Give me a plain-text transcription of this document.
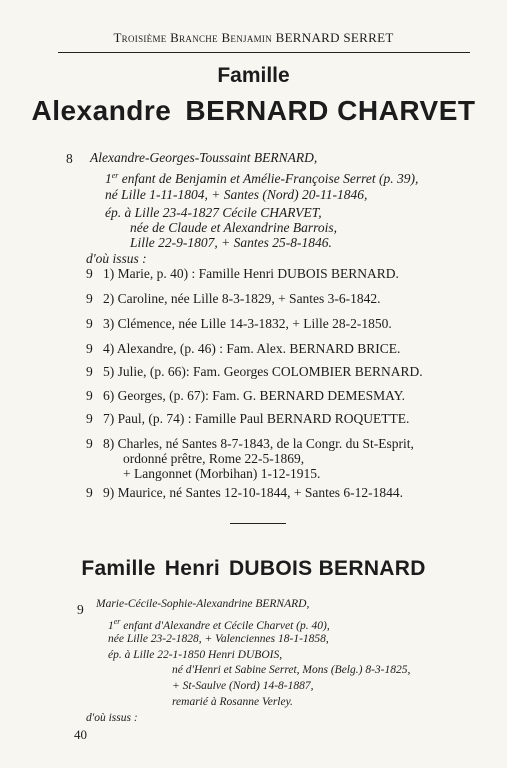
Troisième Branche Benjamin BERNARD SERRET
Famille
Alexandre BERNARD CHARVET
8 Alexandre-Georges-Toussaint BERNARD,
1er enfant de Benjamin et Amélie-Françoise Serret (p. 39),
né Lille 1-11-1804, + Santes (Nord) 20-11-1846,
ép. à Lille 23-4-1827 Cécile CHARVET,
née de Claude et Alexandrine Barrois,
Lille 22-9-1807, + Santes 25-8-1846.
d'où issus :
9 1) Marie, p. 40) : Famille Henri DUBOIS BERNARD.
9 2) Caroline, née Lille 8-3-1829, + Santes 3-6-1842.
9 3) Clémence, née Lille 14-3-1832, + Lille 28-2-1850.
9 4) Alexandre, (p. 46) : Fam. Alex. BERNARD BRICE.
9 5) Julie, (p. 66): Fam. Georges COLOMBIER BERNARD.
9 6) Georges, (p. 67): Fam. G. BERNARD DEMESMAY.
9 7) Paul, (p. 74) : Famille Paul BERNARD ROQUETTE.
9 8) Charles, né Santes 8-7-1843, de la Congr. du St-Esprit,
ordonné prêtre, Rome 22-5-1869,
+ Langonnet (Morbihan) 1-12-1915.
9 9) Maurice, né Santes 12-10-1844, + Santes 6-12-1844.
Famille Henri DUBOIS BERNARD
9 Marie-Cécile-Sophie-Alexandrine BERNARD,
1er enfant d'Alexandre et Cécile Charvet (p. 40),
née Lille 23-2-1828, + Valenciennes 18-1-1858,
ép. à Lille 22-1-1850 Henri DUBOIS,
né d'Henri et Sabine Serret, Mons (Belg.) 8-3-1825,
+ St-Saulve (Nord) 14-8-1887,
remarié à Rosanne Verley.
d'où issus :
40
